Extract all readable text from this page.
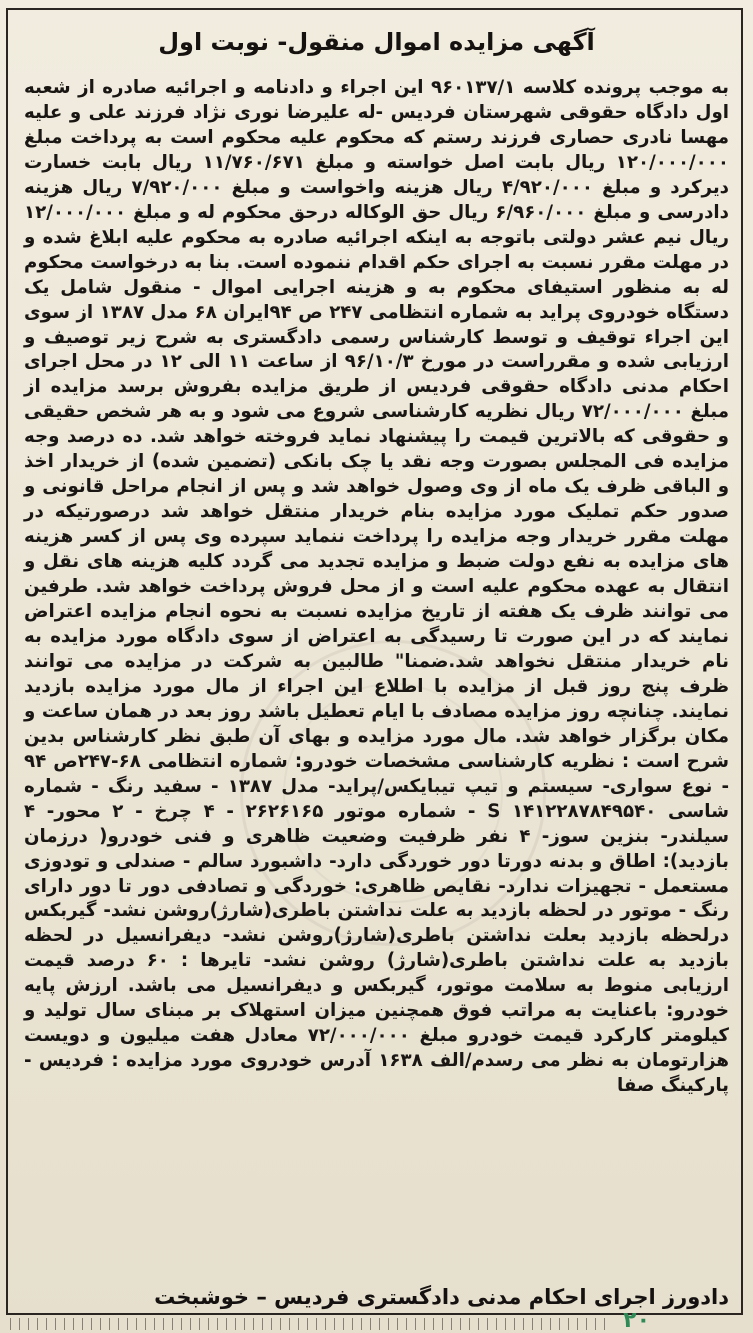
آگهی مزایده اموال منقول- نوبت اول

به موجب پرونده کلاسه ۹۶۰۱۳۷/۱ این اجراء و دادنامه و اجرائیه صادره از شعبه اول دادگاه حقوقی شهرستان فردیس -له علیرضا نوری نژاد فرزند علی و علیه مهسا نادری حصاری فرزند رستم که محکوم علیه محکوم است به پرداخت مبلغ ۱۲۰/۰۰۰/۰۰۰ ریال بابت اصل خواسته و مبلغ ۱۱/۷۶۰/۶۷۱ ریال بابت خسارت دیرکرد و مبلغ ۴/۹۲۰/۰۰۰ ریال هزینه واخواست و مبلغ ۷/۹۲۰/۰۰۰ ریال هزینه دادرسی و مبلغ ۶/۹۶۰/۰۰۰ ریال حق الوکاله درحق محکوم له و مبلغ ۱۲/۰۰۰/۰۰۰ ریال نیم عشر دولتی باتوجه به اینکه اجرائیه صادره به محکوم علیه ابلاغ شده و در مهلت مقرر نسبت به اجرای حکم اقدام ننموده است. بنا به درخواست محکوم له به منظور استیفای محکوم به و هزینه اجرایی اموال - منقول شامل یک دستگاه خودروی پراید به شماره انتظامی ۲۴۷ ص ۹۴ایران ۶۸ مدل ۱۳۸۷ از سوی این اجراء توقیف و توسط کارشناس رسمی دادگستری به شرح زیر توصیف و ارزیابی شده و مقرراست در مورخ ۹۶/۱۰/۳ از ساعت ۱۱ الی ۱۲ در محل اجرای احکام مدنی دادگاه حقوقی فردیس از طریق مزایده بفروش برسد مزایده از مبلغ ۷۲/۰۰۰/۰۰۰ ریال نظریه کارشناسی شروع می شود و به هر شخص حقیقی و حقوقی که بالاترین قیمت را پیشنهاد نماید فروخته خواهد شد. ده درصد وجه مزایده فی المجلس بصورت وجه نقد یا چک بانکی (تضمین شده) از خریدار اخذ و الباقی ظرف یک ماه از وی وصول خواهد شد و پس از انجام مراحل قانونی و صدور حکم تملیک مورد مزایده بنام خریدار منتقل خواهد شد درصورتیکه در مهلت مقرر خریدار وجه مزایده را پرداخت ننماید سپرده وی پس از کسر هزینه های مزایده به نفع دولت ضبط و مزایده تجدید می گردد کلیه هزینه های نقل و انتقال به عهده محکوم علیه است و از محل فروش پرداخت خواهد شد. طرفین می توانند ظرف یک هفته از تاریخ مزایده نسبت به نحوه انجام مزایده اعتراض نمایند که در این صورت تا رسیدگی به اعتراض از سوی دادگاه مورد مزایده به نام خریدار منتقل نخواهد شد.ضمنا" طالبین به شرکت در مزایده می توانند ظرف پنج روز قبل از مزایده با اطلاع این اجراء از مال مورد مزایده بازدید نمایند. چنانچه روز مزایده مصادف با ایام تعطیل باشد روز بعد در همان ساعت و مکان برگزار خواهد شد. مال مورد مزایده و بهای آن طبق نظر کارشناس بدین شرح است : نظریه کارشناسی مشخصات خودرو: شماره انتظامی ۶۸-۲۴۷ص ۹۴ - نوع سواری- سیستم و تیپ تیبایکس/پراید- مدل ۱۳۸۷ - سفید رنگ - شماره شاسی S ۱۴۱۲۲۸۷۸۴۹۵۴۰ - شماره موتور ۲۶۲۶۱۶۵ - ۴ چرخ - ۲ محور- ۴ سیلندر- بنزین سوز- ۴ نفر ظرفیت وضعیت ظاهری و فنی خودرو( درزمان بازدید): اطاق و بدنه دورتا دور خوردگی دارد- داشبورد سالم - صندلی و تودوزی مستعمل - تجهیزات ندارد- نقایص ظاهری: خوردگی و تصادفی دور تا دور دارای رنگ - موتور در لحظه بازدید به علت نداشتن باطری(شارژ)روشن نشد- گیربکس درلحظه بازدید بعلت نداشتن باطری(شارژ)روشن نشد- دیفرانسیل در لحظه بازدید به علت نداشتن باطری(شارژ) روشن نشد- تایرها : ۶۰ درصد قیمت ارزیابی منوط به سلامت موتور، گیربکس و دیفرانسیل می باشد. ارزش پایه خودرو: باعنایت به مراتب فوق همچنین میزان استهلاک بر مبنای سال تولید و کیلومتر کارکرد قیمت خودرو مبلغ ۷۲/۰۰۰/۰۰۰ معادل هفت میلیون و دویست هزارتومان به نظر می رسدم/الف ۱۶۳۸ آدرس خودروی مورد مزایده : فردیس - پارکینگ صفا

دادورز اجرای احکام مدنی دادگستری فردیس – خوشبخت
۲۰
